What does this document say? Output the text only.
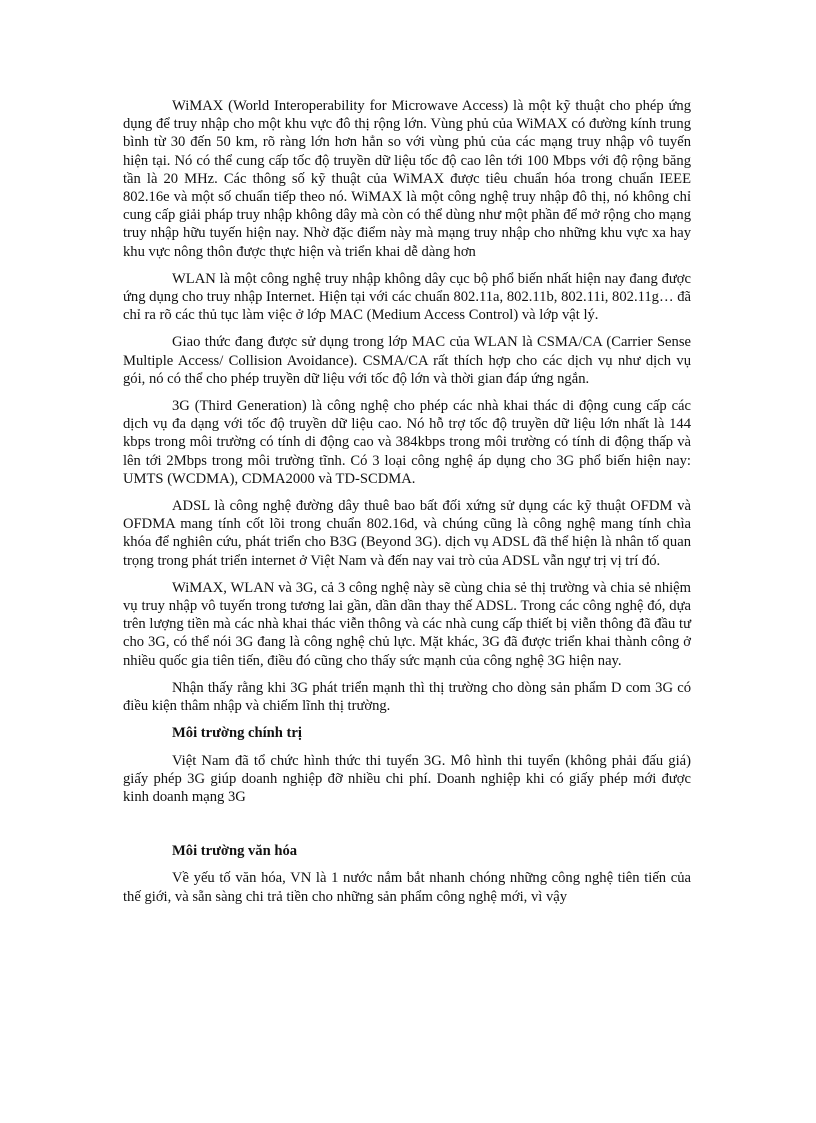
WiMAX (World Interoperability for Microwave Access) là một kỹ thuật cho phép ứng dụng để truy nhập cho một khu vực đô thị rộng lớn. Vùng phủ của WiMAX có đường kính trung bình từ 30 đến 50 km, rõ ràng lớn hơn hẳn so với vùng phủ của các mạng truy nhập vô tuyến hiện tại. Nó có thể cung cấp tốc độ truyền dữ liệu tốc độ cao lên tới 100 Mbps với độ rộng băng tần là 20 MHz. Các thông số kỹ thuật của WiMAX được tiêu chuẩn hóa trong chuẩn IEEE 802.16e và một số chuẩn tiếp theo nó. WiMAX là một công nghệ truy nhập đô thị, nó không chỉ cung cấp giải pháp truy nhập không dây mà còn có thể dùng như một phần để mở rộng cho mạng truy nhập hữu tuyến hiện nay. Nhờ đặc điểm này mà mạng truy nhập cho những khu vực xa hay khu vực nông thôn được thực hiện và triển khai dễ dàng hơn

WLAN là một công nghệ truy nhập không dây cục bộ phổ biến nhất hiện nay đang được ứng dụng cho truy nhập Internet. Hiện tại với các chuẩn 802.11a, 802.11b, 802.11i, 802.11g… đã chỉ ra rõ các thủ tục làm việc ở lớp MAC (Medium Access Control) và lớp vật lý.

Giao thức đang được sử dụng trong lớp MAC của WLAN là CSMA/CA (Carrier Sense Multiple Access/ Collision Avoidance). CSMA/CA rất thích hợp cho các dịch vụ như dịch vụ gói, nó có thể cho phép truyền dữ liệu với tốc độ lớn và thời gian đáp ứng ngắn.

3G (Third Generation) là công nghệ cho phép các nhà khai thác di động cung cấp các dịch vụ đa dạng với tốc độ truyền dữ liệu cao. Nó hỗ trợ tốc độ truyền dữ liệu lớn nhất là 144 kbps trong môi trường có tính di động cao và 384kbps trong môi trường có tính di động thấp và lên tới 2Mbps trong môi trường tĩnh. Có 3 loại công nghệ áp dụng cho 3G phổ biến hiện nay: UMTS (WCDMA), CDMA2000 và TD-SCDMA.

ADSL là công nghệ đường dây thuê bao bất đối xứng sử dụng các kỹ thuật OFDM và OFDMA mang tính cốt lõi trong chuẩn 802.16d, và chúng cũng là công nghệ mang tính chìa khóa để nghiên cứu, phát triển cho B3G (Beyond 3G). dịch vụ ADSL đã thể hiện là nhân tố quan trọng trong phát triển internet ở Việt Nam và đến nay vai trò của ADSL vẫn ngự trị vị trí đó.

WiMAX, WLAN và 3G, cả 3 công nghệ này sẽ cùng chia sẻ thị trường và chia sẻ nhiệm vụ truy nhập vô tuyến trong tương lai gần, dần dần thay thế ADSL. Trong các công nghệ đó, dựa trên lượng tiền mà các nhà khai thác viễn thông và các nhà cung cấp thiết bị viễn thông đã đầu tư cho 3G, có thể nói 3G đang là công nghệ chủ lực. Mặt khác, 3G đã được triển khai thành công ở nhiều quốc gia tiên tiến, điều đó cũng cho thấy sức mạnh của công nghệ 3G hiện nay.

Nhận thấy rằng khi 3G phát triển mạnh thì thị trường cho dòng sản phẩm D com 3G có điều kiện thâm nhập và chiếm lĩnh thị trường.

Môi trường chính trị

Việt Nam đã tổ chức hình thức thi tuyển 3G. Mô hình thi tuyển (không phải đấu giá) giấy phép 3G giúp doanh nghiệp đỡ nhiều chi phí. Doanh nghiệp khi có giấy phép mới được kinh doanh mạng 3G

Môi trường văn hóa

Về yếu tố văn hóa, VN là 1 nước nắm bắt nhanh chóng những công nghệ tiên tiến của thế giới, và sẵn sàng chi trả tiền cho những sản phẩm công nghệ mới, vì vậy
